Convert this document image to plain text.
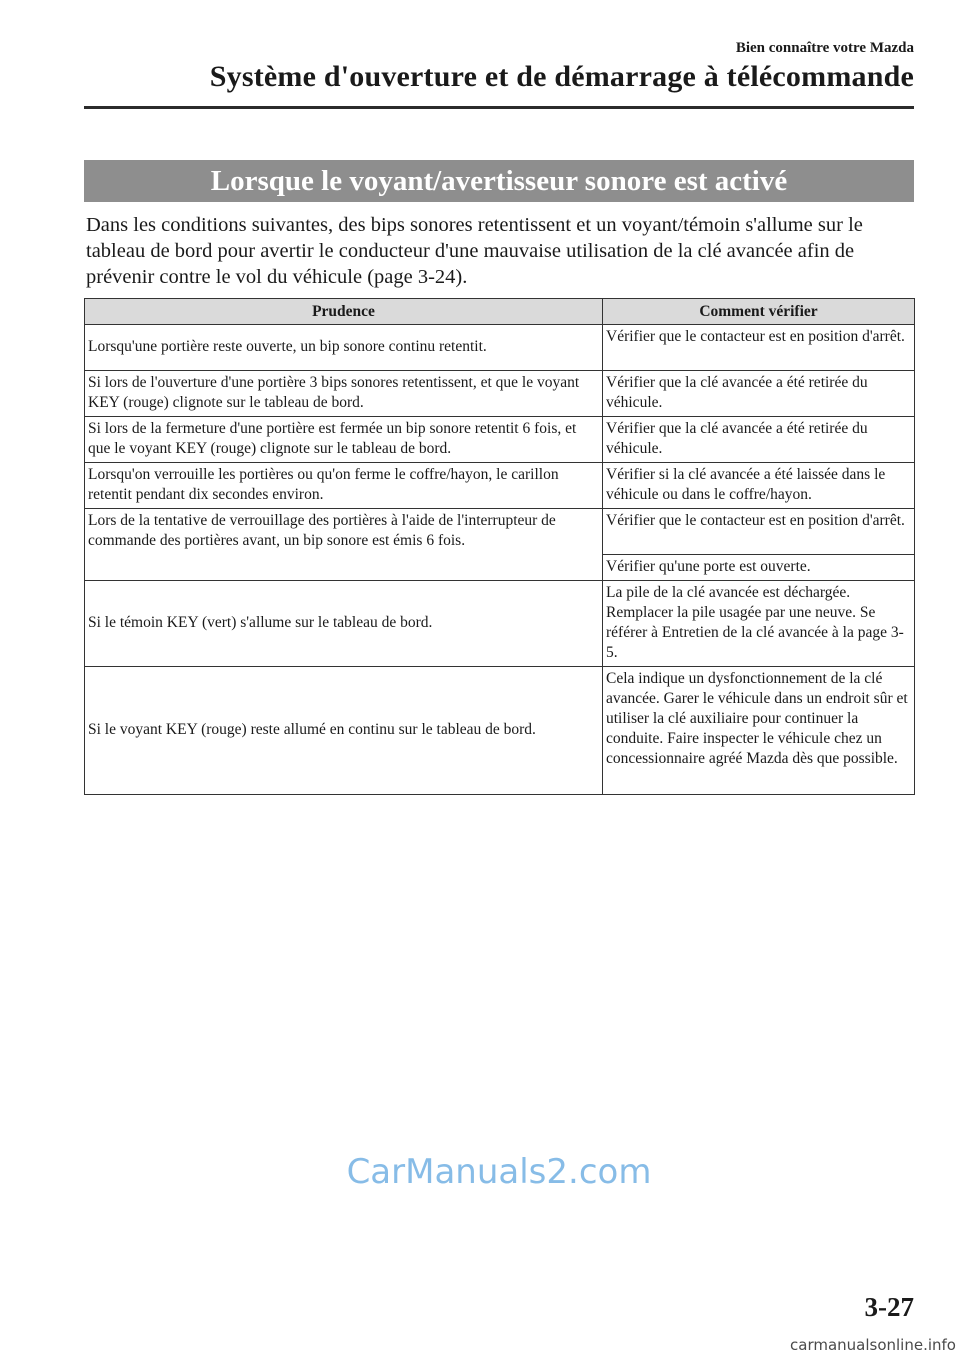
Bien connaître votre Mazda
Système d'ouverture et de démarrage à télécommande
Lorsque le voyant/avertisseur sonore est activé

Dans les conditions suivantes, des bips sonores retentissent et un voyant/témoin s'allume sur le tableau de bord pour avertir le conducteur d'une mauvaise utilisation de la clé avancée afin de prévenir contre le vol du véhicule (page 3-24).

Prudence	Comment vérifier
Lorsqu'une portière reste ouverte, un bip sonore continu retentit.	Vérifier que le contacteur est en position d'arrêt.
Si lors de l'ouverture d'une portière 3 bips sonores retentissent, et que le voyant KEY (rouge) clignote sur le tableau de bord.	Vérifier que la clé avancée a été retirée du véhicule.
Si lors de la fermeture d'une portière est fermée un bip sonore retentit 6 fois, et que le voyant KEY (rouge) clignote sur le tableau de bord.	Vérifier que la clé avancée a été retirée du véhicule.
Lorsqu'on verrouille les portières ou qu'on ferme le coffre/hayon, le carillon retentit pendant dix secondes environ.	Vérifier si la clé avancée a été laissée dans le véhicule ou dans le coffre/hayon.
Lors de la tentative de verrouillage des portières à l'aide de l'interrupteur de commande des portières avant, un bip sonore est émis 6 fois.	Vérifier que le contacteur est en position d'arrêt.
	Vérifier qu'une porte est ouverte.
Si le témoin KEY (vert) s'allume sur le tableau de bord.	La pile de la clé avancée est déchargée. Remplacer la pile usagée par une neuve. Se référer à Entretien de la clé avancée à la page 3-5.
Si le voyant KEY (rouge) reste allumé en continu sur le tableau de bord.	Cela indique un dysfonctionnement de la clé avancée. Garer le véhicule dans un endroit sûr et utiliser la clé auxiliaire pour continuer la conduite. Faire inspecter le véhicule chez un concessionnaire agréé Mazda dès que possible.
CarManuals2.com
3-27
carmanualsonline.info
